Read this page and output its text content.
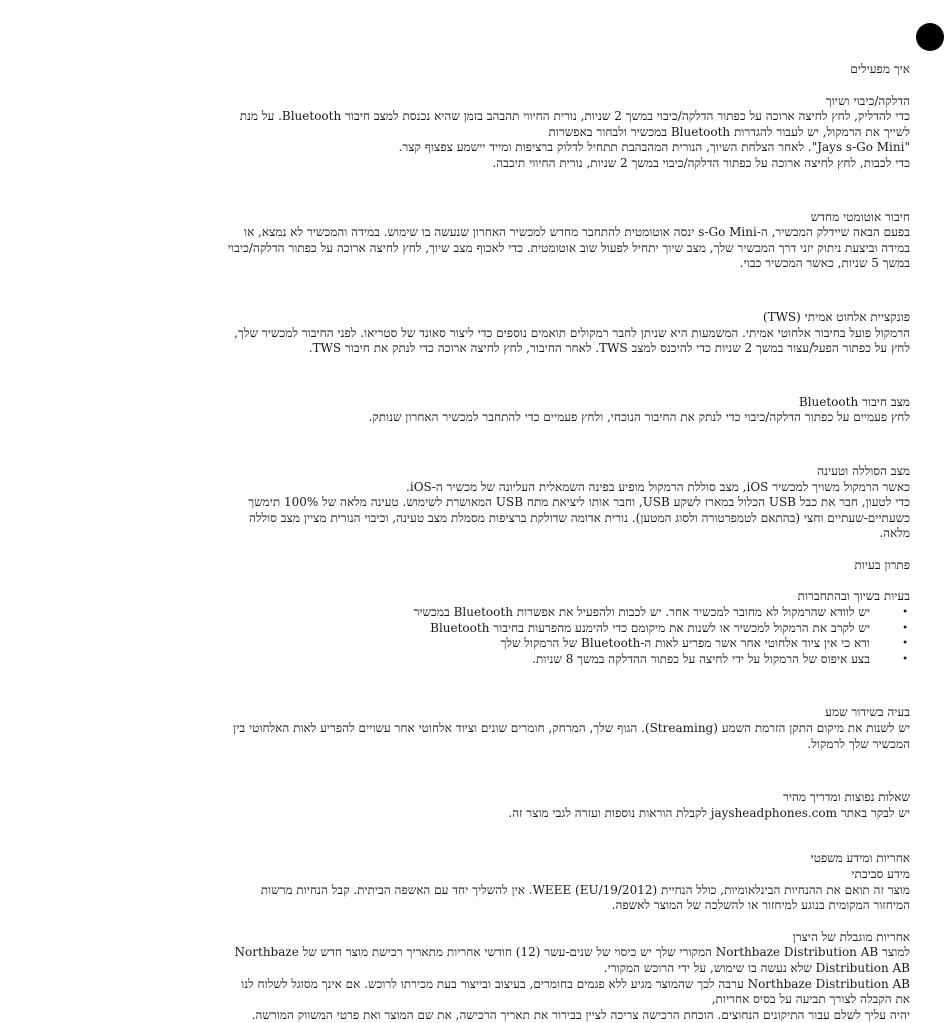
איך מפעילים

הדלקה/כיבוי ושיוך

כדי להדליק, לחץ לחיצה ארוכה על כפתור הדלקה/כיבוי במשך 2 שניות, נורית החיווי תהבהב בזמן שהיא נכנסת למצב חיבור Bluetooth. על מנת לשייך את הרמקול, יש לעבור להגדרות Bluetooth במכשיר ולבחור באפשרות

"Jays s-Go Mini". לאחר הצלחת השיוך, הנורית המהבהבת תתחיל לדלוק ברציפות ומייד יישמע צפצוף קצר.

כדי לכבות, לחץ לחיצה ארוכה על כפתור הדלקה/כיבוי במשך 2 שניות, נורית החיווי תיכבה.

חיבור אוטומטי מחדש

בפעם הבאה שיידלק המכשיר, ה-s-Go Mini ינסה אוטומטית להתחבר מחדש למכשיר האחרון שנעשה בו שימוש. במידה והמכשיר לא נמצא, או במידה וביצעת ניתוק יזני דרך המכשיר שלך, מצב שיוך יתחיל לפעול שוב אוטומטית. כדי לאכוף מצב שיוך, לחץ לחיצה ארוכה על כפתור הדלקה/כיבוי במשך 5 שניות, כאשר המכשיר כבוי.

פונקציית אלחוט אמיתי (TWS)

הרמקול פועל בחיבור אלחוטי אמיתי. המשמעות היא שניתן לחבר רמקולים תואמים נוספים כדי ליצור סאונד של סטריאו. לפני החיבור למכשיר שלך, לחץ על כפתור הפעל/עצור במשך 2 שניות כדי להיכנס למצב TWS. לאחר החיבור, לחץ לחיצה ארוכה כדי לנתק את חיבור TWS.

מצב חיבור Bluetooth

לחץ פעמיים על כפתור הדלקה/כיבוי כדי לנתק את החיבור הנוכחי, ולחץ פעמיים כדי להתחבר למכשיר האחרון שנותק.

מצב הסוללה וטעינה

כאשר הרמקול משויך למכשיר iOS, מצב סוללת הרמקול מופיע בפינה השמאלית העליונה של מכשיר ה-iOS.

כדי לטעון, חבר את כבל USB הכלול במארז לשקע USB, וחבר אותו ליציאת מתח USB המאושרת לשימוש. טעינה מלאה של 100% תימשך כשעתיים-שעתיים וחצי (בהתאם לטמפרטורה ולסוג המטען). נורית אדומה שדולקת ברציפות מסמלת מצב טעינה, וכיבוי הנורית מציין מצב סוללה מלאה.

פתרון בעיות

בעיות בשיוך ובהתחברות

• יש לוודא שהרמקול לא מחובר למכשיר אחר. יש לכבות ולהפעיל את אפשרות Bluetooth במכשיר
• יש לקרב את הרמקול למכשיר או לשנות את מיקומם כדי להימנע מהפרעות בחיבור Bluetooth
• ודא כי אין ציוד אלחוטי אחר אשר מפריע לאות ה-Bluetooth של הרמקול שלך
• בצע איפוס של הרמקול על ידי לחיצה על כפתור ההדלקה במשך 8 שניות.

בעיה בשידור שמע

יש לשנות את מיקום התקן הזרמת השמע (Streaming). הגוף שלך, המרחק, חומרים שונים וציוד אלחוטי אחר עשויים להפריע לאות האלחוטי בין המכשיר שלך לרמקול.

שאלות נפוצות ומדריך מהיר

יש לבקר באתר jaysheadphones.com לקבלת הוראות נוספות ועזרה לגבי מוצר זה.

אחריות ומידע משפטי

מידע סביבתי

מוצר זה תואם את ההנחיות הבינלאומיות, כולל הנחיית WEEE (EU/19/2012). אין להשליך יחד עם האשפה הביתית. קבל הנחיות מרשות המיחזור המקומית בנוגע למיחזור או להשלכה של המוצר לאשפה.

אחריות מוגבלת של היצרן

למוצר Northbaze Distribution AB המקורי שלך יש כיסוי של שנים-עשר (12) חודשי אחריות מתאריך רכישת מוצר חדש של Northbaze Distribution AB שלא נעשה בו שימוש, על ידי הרוכש המקורי.

Northbaze Distribution AB ערבה לכך שהמוצר מגיע ללא פגמים בחומרים, בעיצוב ובייצור בעת מכירתו לרוכש. אם אינך מסוגל לשלוח לנו את הקבלה לצורך תביעה על בסיס אחריות,

יהיה עליך לשלם עבור התיקונים הנחוצים. הוכחת הרכישה צריכה לציין בבירור את תאריך הרכישה, את שם המוצר ואת פרטי המשווק המורשה.
